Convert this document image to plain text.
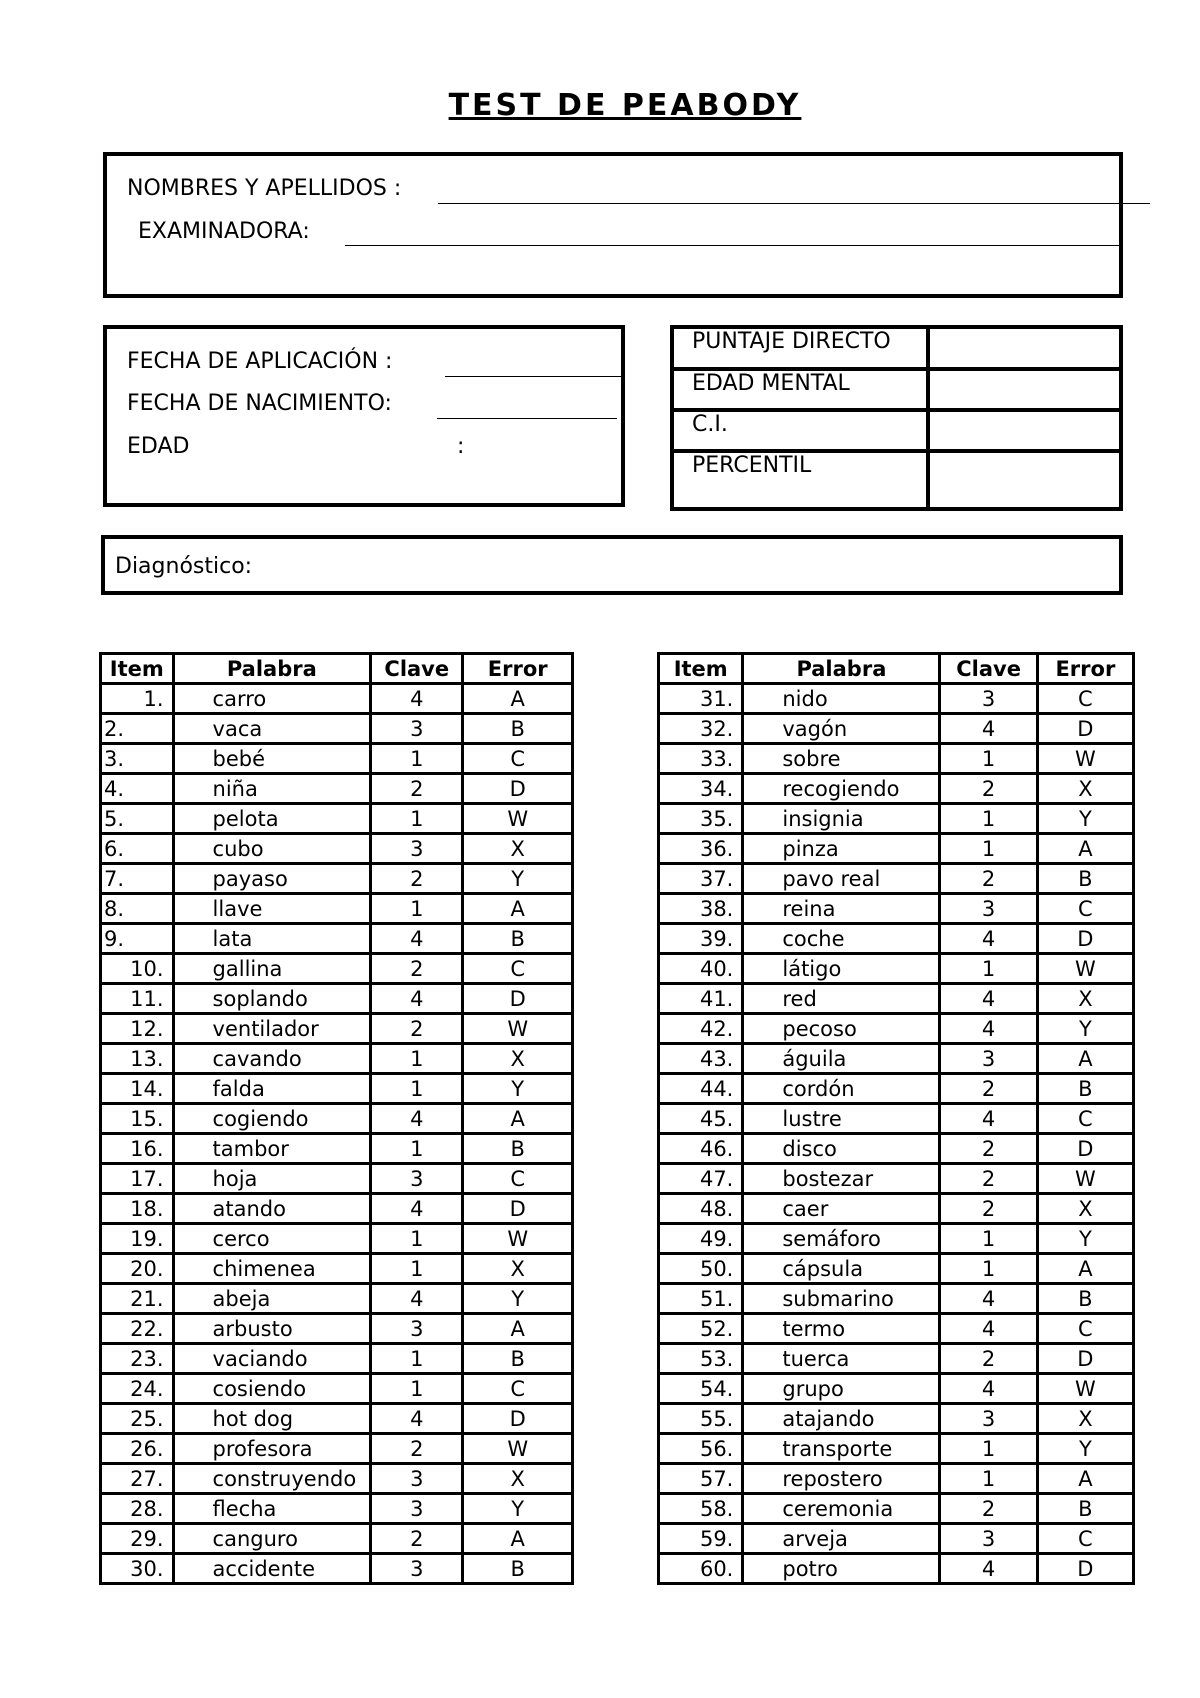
TEST DE PEABODY
NOMBRES Y APELLIDOS :
EXAMINADORA:
FECHA DE APLICACIÓN :
FECHA DE NACIMIENTO:
EDAD	:
PUNTAJE DIRECTO	
EDAD MENTAL	
C.I.	
PERCENTIL	
Diagnóstico:
Item	Palabra	Clave	Error
1.	carro	4	A
2.	vaca	3	B
3.	bebé	1	C
4.	niña	2	D
5.	pelota	1	W
6.	cubo	3	X
7.	payaso	2	Y
8.	llave	1	A
9.	lata	4	B
10.	gallina	2	C
11.	soplando	4	D
12.	ventilador	2	W
13.	cavando	1	X
14.	falda	1	Y
15.	cogiendo	4	A
16.	tambor	1	B
17.	hoja	3	C
18.	atando	4	D
19.	cerco	1	W
20.	chimenea	1	X
21.	abeja	4	Y
22.	arbusto	3	A
23.	vaciando	1	B
24.	cosiendo	1	C
25.	hot dog	4	D
26.	profesora	2	W
27.	construyendo	3	X
28.	flecha	3	Y
29.	canguro	2	A
30.	accidente	3	B
Item	Palabra	Clave	Error
31.	nido	3	C
32.	vagón	4	D
33.	sobre	1	W
34.	recogiendo	2	X
35.	insignia	1	Y
36.	pinza	1	A
37.	pavo real	2	B
38.	reina	3	C
39.	coche	4	D
40.	látigo	1	W
41.	red	4	X
42.	pecoso	4	Y
43.	águila	3	A
44.	cordón	2	B
45.	lustre	4	C
46.	disco	2	D
47.	bostezar	2	W
48.	caer	2	X
49.	semáforo	1	Y
50.	cápsula	1	A
51.	submarino	4	B
52.	termo	4	C
53.	tuerca	2	D
54.	grupo	4	W
55.	atajando	3	X
56.	transporte	1	Y
57.	repostero	1	A
58.	ceremonia	2	B
59.	arveja	3	C
60.	potro	4	D
